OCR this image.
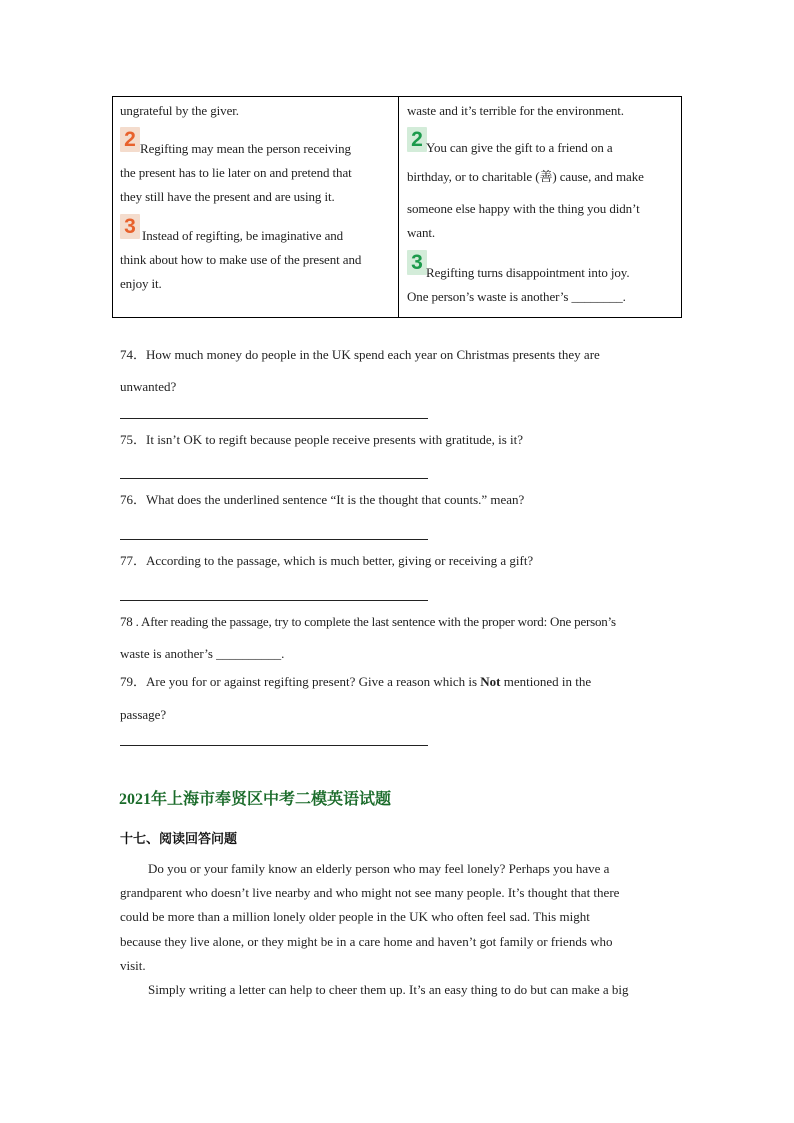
ungrateful by the giver.
2 Regifting may mean the person receiving
the present has to lie later on and pretend that
they still have the present and are using it.
3 Instead of regifting, be imaginative and
think about how to make use of the present and
enjoy it.
waste and it’s terrible for the environment.
2 You can give the gift to a friend on a
birthday, or to charitable (善) cause, and make
someone else happy with the thing you didn’t
want.
3 Regifting turns disappointment into joy.
One person’s waste is another’s ________.
74．How much money do people in the UK spend each year on Christmas presents they are
unwanted?
75．It isn’t OK to regift because people receive presents with gratitude, is it?
76．What does the underlined sentence “It is the thought that counts.” mean?
77．According to the passage, which is much better, giving or receiving a gift?
78 . After reading the passage, try to complete the last sentence with the proper word: One person’s
waste is another’s __________.
79．Are you for or against regifting present? Give a reason which is Not mentioned in the
passage?
2021年上海市奉贤区中考二模英语试题
十七、阅读回答问题
Do you or your family know an elderly person who may feel lonely? Perhaps you have a
grandparent who doesn’t live nearby and who might not see many people. It’s thought that there
could be more than a million lonely older people in the UK who often feel sad. This might
because they live alone, or they might be in a care home and haven’t got family or friends who
visit.
Simply writing a letter can help to cheer them up. It’s an easy thing to do but can make a big
